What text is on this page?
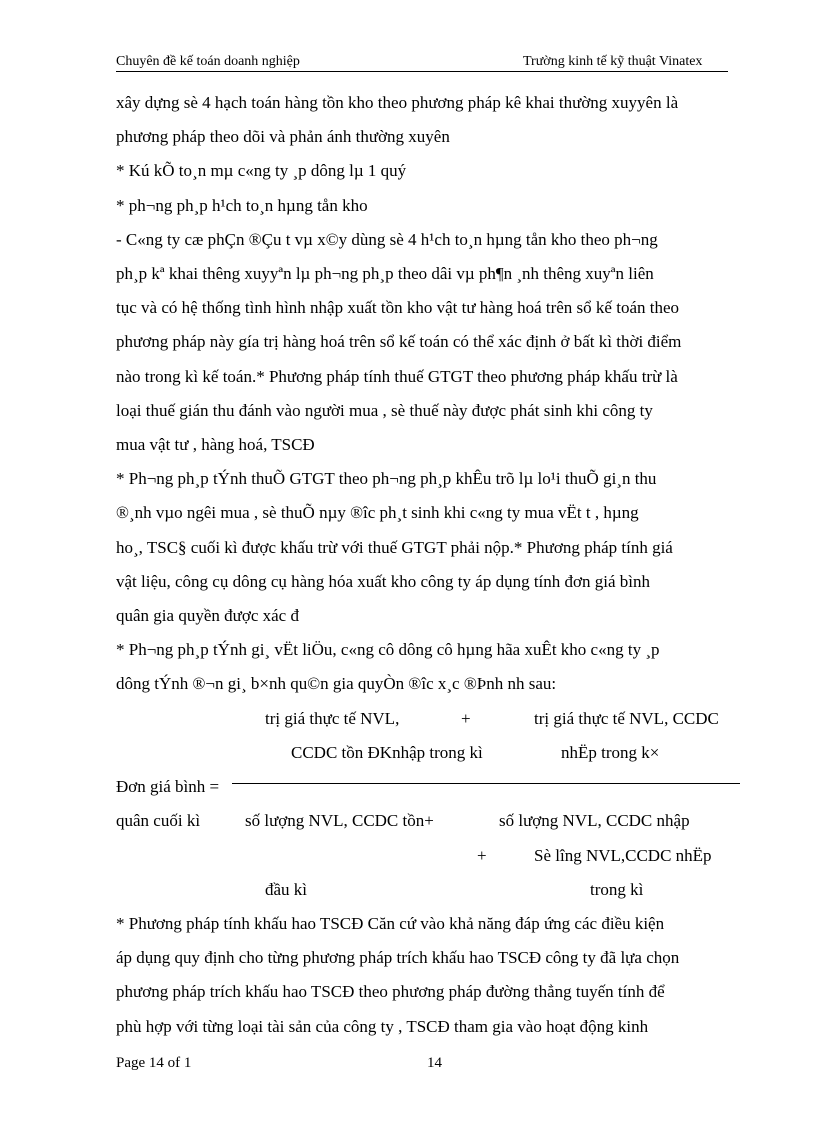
Chuyên đề kế toán doanh nghiệp	Trường kinh tế kỹ thuật Vinatex
xây dựng sè 4 hạch toán hàng tồn kho theo phương pháp kê khai thường xuyyên là
phương pháp theo dõi và phản ánh thường xuyên
* Kú kÕ to¸n mµ c«ng ty ¸p dông lµ 1 quý
* ph¬ng ph¸p h¹ch to¸n hµng tån kho
- C«ng ty cæ phÇn ®Çu t vµ x©y dùng sè 4 h¹ch to¸n hµng tån kho theo ph¬ng
ph¸p kª khai thêng xuyyªn lµ ph¬ng ph¸p theo dâi vµ ph¶n ¸nh thêng xuyªn liên
tục và có hệ thống tình hình nhập xuất tồn kho vật tư hàng hoá trên sổ kế toán theo
phương pháp này gía trị hàng hoá trên sổ kế toán có thể xác định ở bất kì thời điểm
nào trong kì kế toán.* Phương pháp tính thuế GTGT theo phương pháp khấu trừ là
loại thuế gián thu đánh vào người mua , sè thuế này được phát sinh khi công ty
mua vật tư , hàng hoá, TSCĐ
* Ph¬ng ph¸p tÝnh thuÕ GTGT theo ph¬ng ph¸p khÊu trõ lµ lo¹i thuÕ gi¸n thu
®¸nh vµo ngêi mua , sè thuÕ nµy ®îc ph¸t sinh khi c«ng ty mua vËt t , hµng
ho¸, TSC§ cuối kì được khấu trừ với thuế GTGT phải nộp.* Phương pháp tính giá
vật liệu, công cụ dông cụ hàng hóa xuất kho công ty áp dụng tính đơn giá bình
quân gia quyền được xác đ
* Ph¬ng ph¸p tÝnh gi¸ vËt liÖu, c«ng cô dông cô hµng hãa xuÊt kho c«ng ty ¸p
dông tÝnh ®¬n gi¸ b×nh qu©n gia quyÒn ®îc x¸c ®Þnh nh sau:
trị giá thực tế NVL,	+	trị giá thực tế NVL, CCDC
CCDC tồn ĐKnhập trong kì	nhËp trong k×
Đơn giá bình =
quân cuối kì	số lượng NVL, CCDC tồn+	số lượng NVL, CCDC nhập
+	Sè lîng NVL,CCDC nhËp
đầu kì	trong kì
* Phương pháp tính khấu hao TSCĐ Căn cứ vào khả năng đáp ứng các điều kiện
áp dụng quy định cho từng phương pháp trích khấu hao TSCĐ công ty đã lựa chọn
phương pháp trích khấu hao TSCĐ theo phương pháp đường thẳng tuyến tính để
phù hợp với từng loại tài sản của công ty , TSCĐ tham gia vào hoạt động kinh
Page 14 of 1	14
